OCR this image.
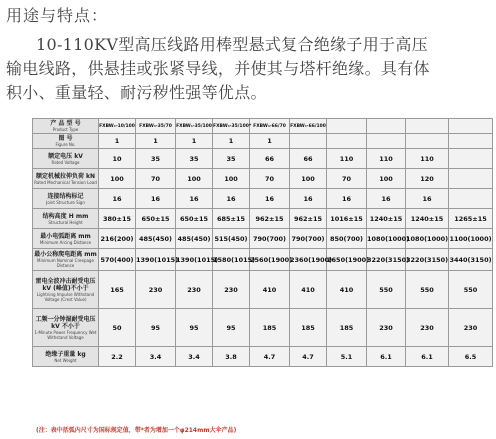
用途与特点：
10-110KV型高压线路用棒型悬式复合绝缘子用于高压
输电线路，供悬挂或张紧导线，并使其与塔杆绝缘。具有体
积小、重量轻、耐污秽性强等优点。
产 品 型 号
Product Type	FXBW₄-10/100	FXBW₄-35/70	FXBW₄-35/100	FXBW₄-35/100*	FXBW₄-66/70	FXBW₄-66/100				

图 号
Figure No.	1	1	1	1	1					

额定电压 kV
Rated Voltage	10	35	35	35	66	66	110	110	110	

额定机械拉伸负荷 kN
Rated Mechanical Tension Load	100	70	100	100	70	100	70	100	120	

连接结构标记
Joint Structure Sign	16	16	16	16	16	16	16	16	16	

结构高度 H mm
Structural Height	380±15	650±15	650±15	685±15	962±15	962±15	1016±15	1240±15	1240±15	1265±15

最小电弧距离 mm
Minimum Arcing Distance	216(200)	485(450)	485(450)	515(450)	790(700)	790(700)	850(700)	1080(1000)	1080(1000)	1100(1000)

最小公称爬电距离 mm
Minimum Nominal Creepage Distance	570(400)	1390(1015)	1390(1015)	1580(1015)	2560(1900)	2360(1900)	2650(1900)	3220(3150)	3220(3150)	3440(3150)

雷电全波冲击耐受电压 kV (峰值)不小于
Lightning Impulse Withstand Voltage (Crest Value)	165	230	230	230	410	410	410	550	550	550

工频一分钟湿耐受电压 kV 不小于
1-Minute Power Frequency Wet Withstand Voltage	50	95	95	95	185	185	185	230	230	230

绝缘子重量 kg
Net Weight	2.2	3.4	3.4	3.8	4.7	4.7	5.1	6.1	6.1	6.5
(注：表中括弧内尺寸为国标规定值，带*者为增加一个φ214mm大伞产品)
